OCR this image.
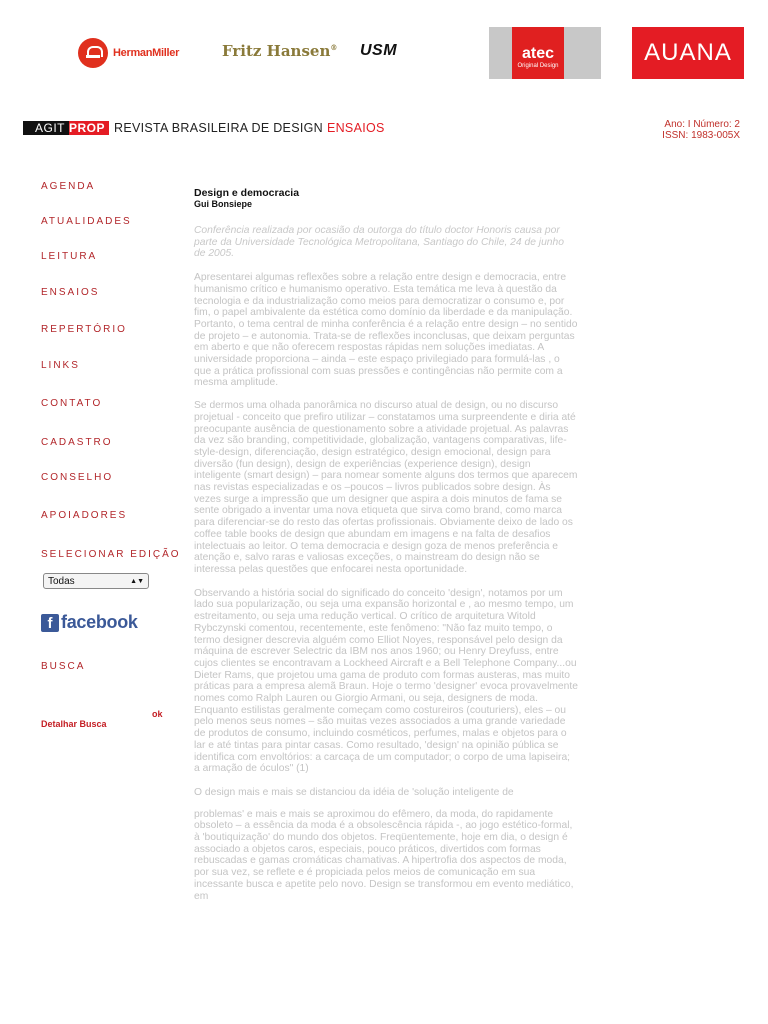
HermanMiller	Fritz Hansen® USM	atec
Original Design	AUANA
AGIT PROP REVISTA BRASILEIRA DE DESIGN ENSAIOS	Ano: I Número: 2
ISSN: 1983-005X
AGENDA
ATUALIDADES
LEITURA
ENSAIOS
REPERTÓRIO
LINKS
CONTATO
CADASTRO
CONSELHO
APOIADORES
SELECIONAR EDIÇÃO
Todas	▲▼
f facebook
BUSCA
ok
Detalhar Busca
Design e democracia
Gui Bonsiepe
Conferência realizada por ocasião da outorga do título doctor Honoris causa por parte da Universidade Tecnológica Metropolitana, Santiago do Chile, 24 de junho de 2005.
Apresentarei algumas reflexões sobre a relação entre design e democracia, entre humanismo crítico e humanismo operativo. Esta temática me leva à questão da tecnologia e da industrialização como meios para democratizar o consumo e, por fim, o papel ambivalente da estética como domínio da liberdade e da manipulação. Portanto, o tema central de minha conferência é a relação entre design – no sentido de projeto – e autonomia. Trata-se de reflexões inconclusas, que deixam perguntas em aberto e que não oferecem respostas rápidas nem soluções imediatas. A universidade proporciona – ainda – este espaço privilegiado para formulá-las , o que a prática profissional com suas pressões e contingências não permite com a mesma amplitude.
Se dermos uma olhada panorâmica no discurso atual de design, ou no discurso projetual - conceito que prefiro utilizar – constatamos uma surpreendente e diria até preocupante ausência de questionamento sobre a atividade projetual. As palavras da vez são branding, competitividade, globalização, vantagens comparativas, life-style-design, diferenciação, design estratégico, design emocional, design para diversão (fun design), design de experiências (experience design), design inteligente (smart design) – para nomear somente alguns dos termos que aparecem nas revistas especializadas e os –poucos – livros publicados sobre design. Às vezes surge a impressão que um designer que aspira a dois minutos de fama se sente obrigado a inventar uma nova etiqueta que sirva como brand, como marca para diferenciar-se do resto das ofertas profissionais. Obviamente deixo de lado os coffee table books de design que abundam em imagens e na falta de desafios intelectuais ao leitor. O tema democracia e design goza de menos preferência e atenção e, salvo raras e valiosas exceções, o mainstream do design não se interessa pelas questões que enfocarei nesta oportunidade.
Observando a história social do significado do conceito 'design', notamos por um lado sua popularização, ou seja uma expansão horizontal e , ao mesmo tempo, um estreitamento, ou seja uma redução vertical. O crítico de arquitetura Witold Rybczynski comentou, recentemente, este fenômeno: "Não faz muito tempo, o termo designer descrevia alguém como Elliot Noyes, responsável pelo design da máquina de escrever Selectric da IBM nos anos 1960; ou Henry Dreyfuss, entre cujos clientes se encontravam a Lockheed Aircraft e a Bell Telephone Company...ou Dieter Rams, que projetou uma gama de produto com formas austeras, mas muito práticas para a empresa alemã Braun. Hoje o termo 'designer' evoca provavelmente nomes como Ralph Lauren ou Giorgio Armani, ou seja, designers de moda. Enquanto estilistas geralmente começam como costureiros (couturiers), eles – ou pelo menos seus nomes – são muitas vezes associados a uma grande variedade de produtos de consumo, incluindo cosméticos, perfumes, malas e objetos para o lar e até tintas para pintar casas. Como resultado, 'design' na opinião pública se identifica com envoltórios: a carcaça de um computador; o corpo de uma lapiseira; a armação de óculos" (1)
O design mais e mais se distanciou da idéia de 'solução inteligente de
problemas' e mais e mais se aproximou do efêmero, da moda, do rapidamente obsoleto – a essência da moda é a obsolescência rápida -, ao jogo estético-formal, à 'boutiquização' do mundo dos objetos. Freqüentemente, hoje em dia, o design é associado a objetos caros, especiais, pouco práticos, divertidos com formas rebuscadas e gamas cromáticas chamativas. A hipertrofia dos aspectos de moda, por sua vez, se reflete e é propiciada pelos meios de comunicação em sua incessante busca e apetite pelo novo. Design se transformou em evento mediático, em
